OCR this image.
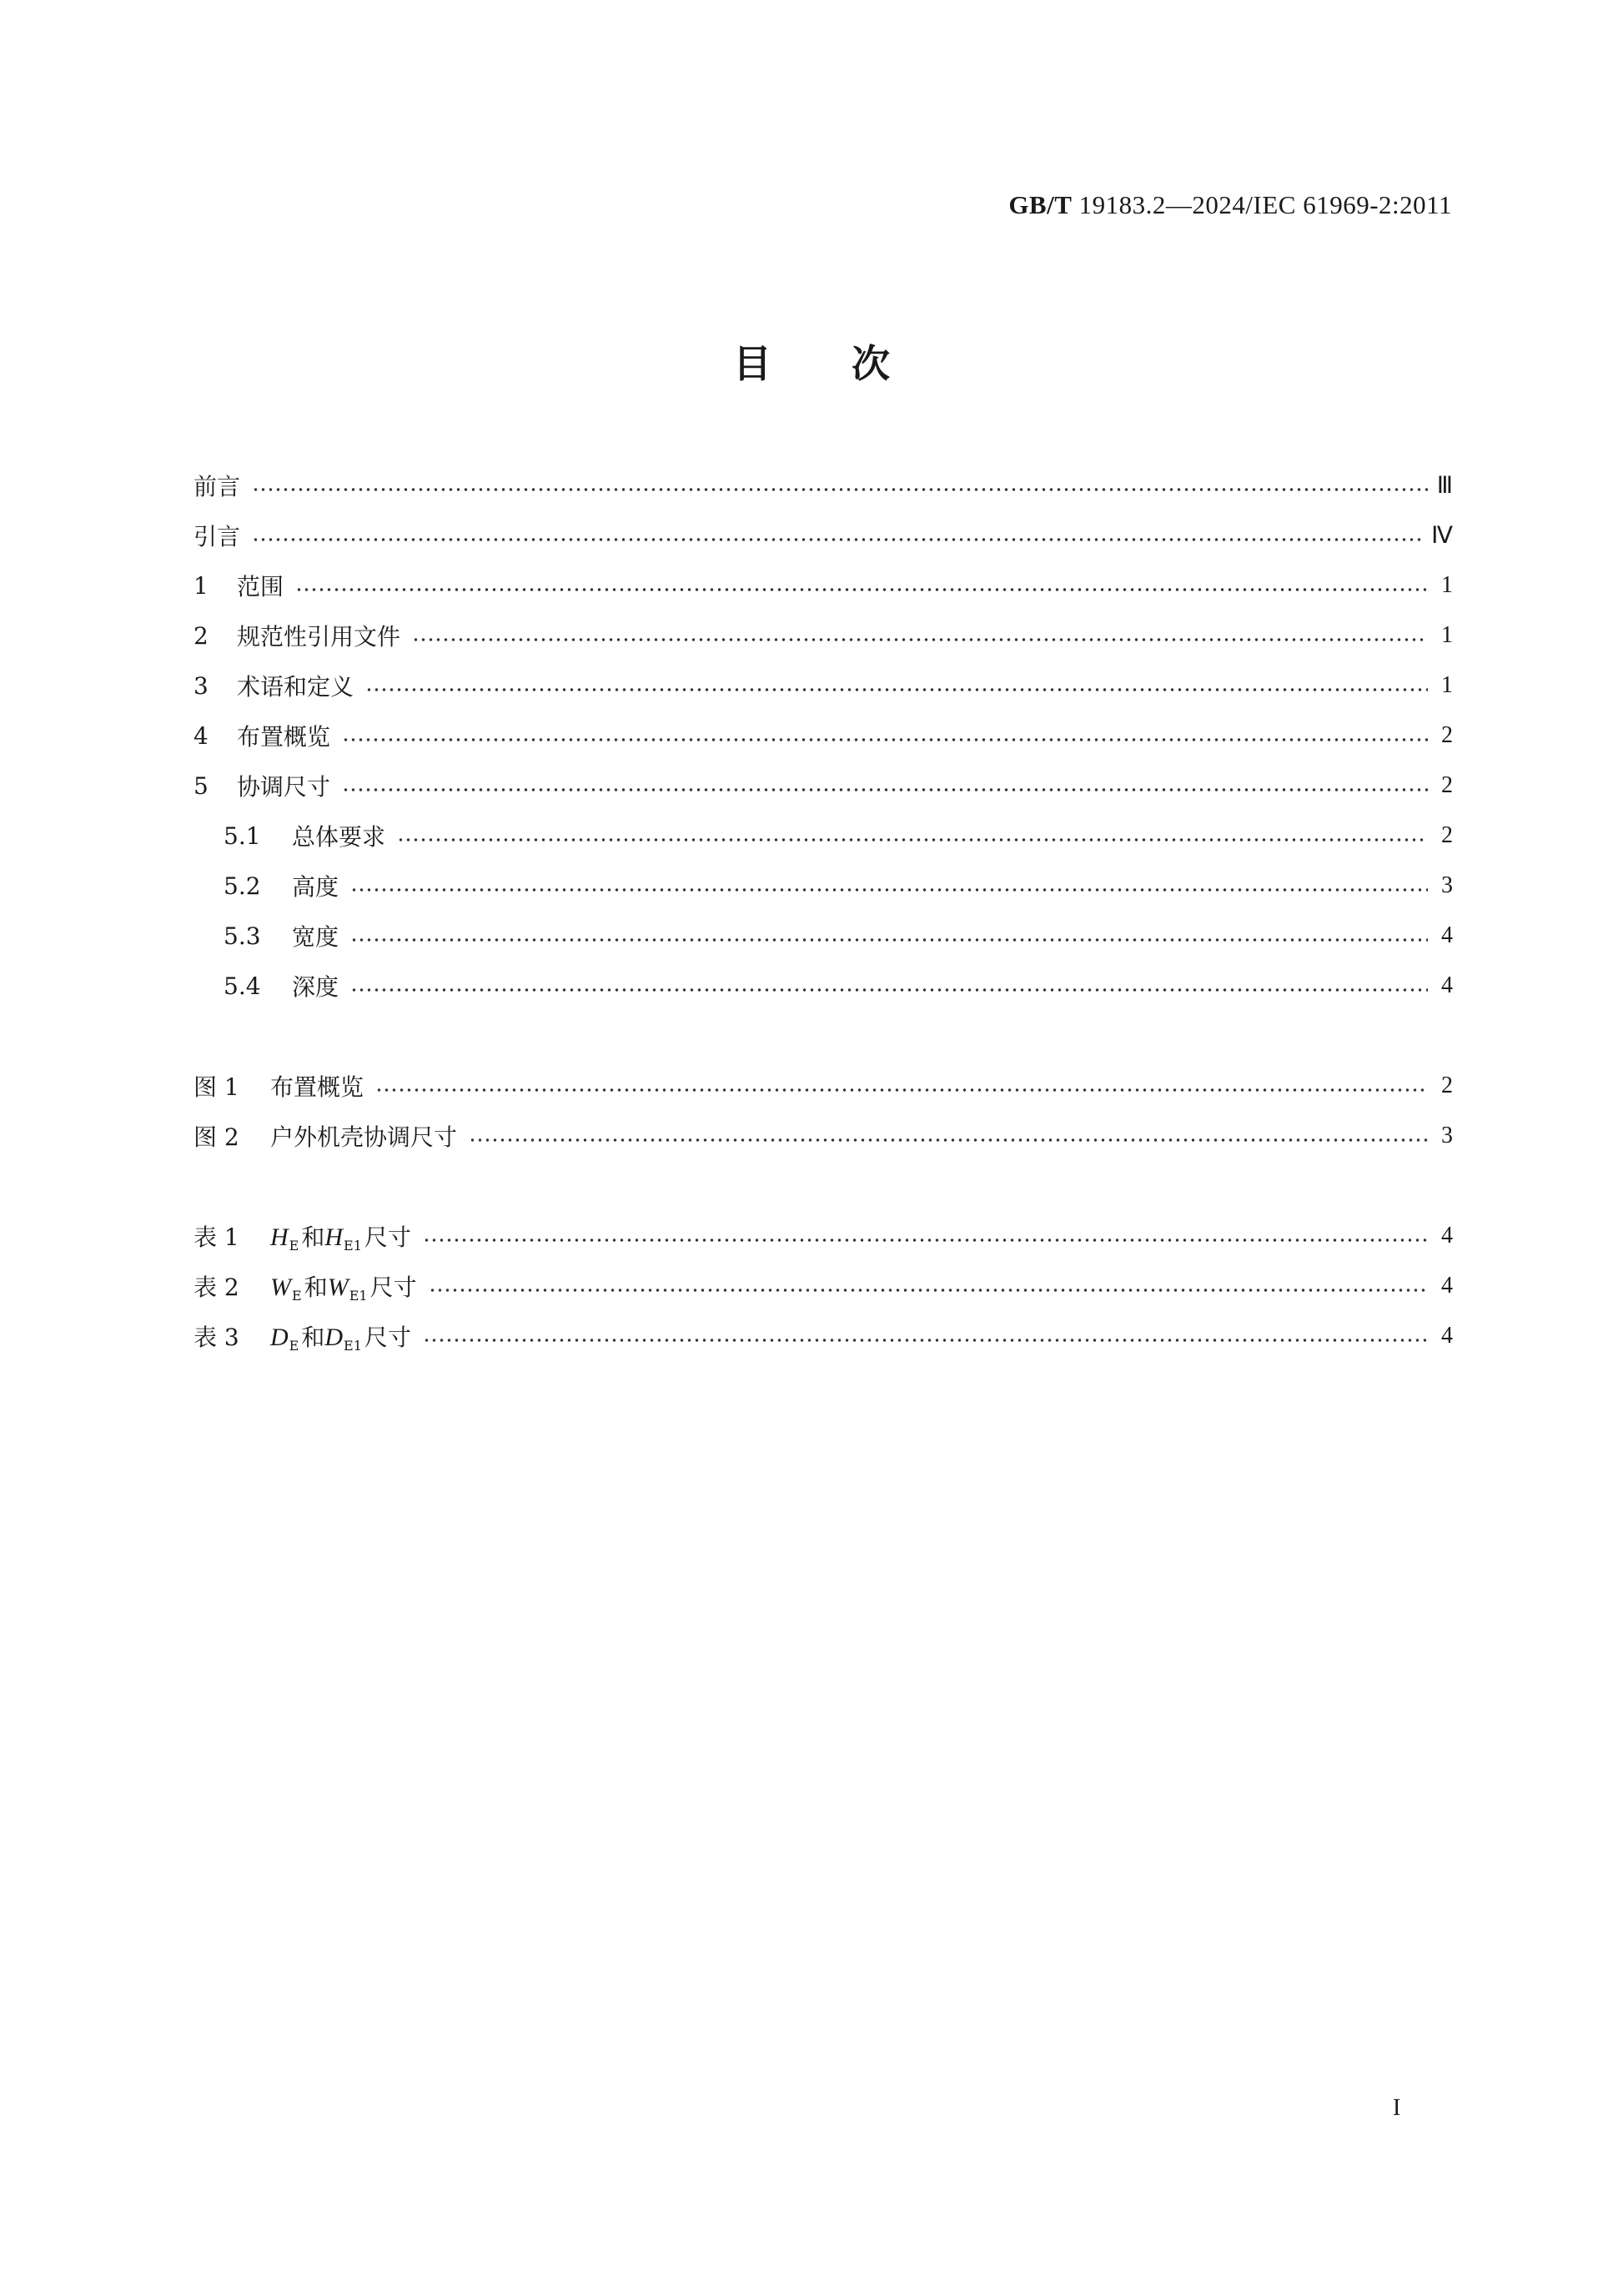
GB/T 19183.2—2024/IEC 61969-2:2011
目次
前言	Ⅲ
引言	Ⅳ
1	范围	1
2	规范性引用文件	1
3	术语和定义	1
4	布置概览	2
5	协调尺寸	2
5.1	总体要求	2
5.2	高度	3
5.3	宽度	4
5.4	深度	4
图 1	布置概览	2
图 2	户外机壳协调尺寸	3
表 1	$H_E$ 和$H_{E1}$ 尺寸	4
表 2	$W_E$ 和$W_{E1}$ 尺寸	4
表 3	$D_E$ 和$D_{E1}$ 尺寸	4
I
